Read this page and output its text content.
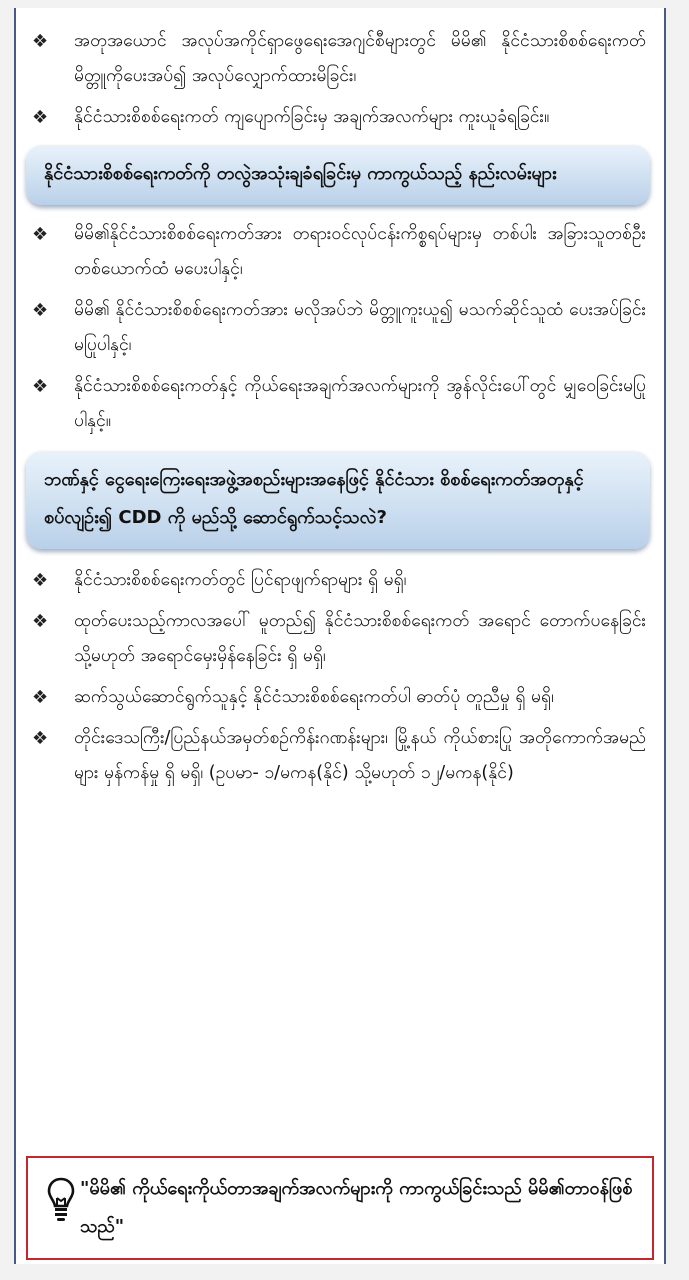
❖	အတုအယောင် အလုပ်အကိုင်ရှာဖွေရေးအေဂျင်စီများတွင် မိမိ၏ နိုင်ငံသားစိစစ်ရေးကတ်မိတ္တူကိုပေးအပ်၍ အလုပ်လျှောက်ထားမိခြင်း၊
❖	နိုင်ငံသားစိစစ်ရေးကတ် ကျပျောက်ခြင်းမှ အချက်အလက်များ ကူးယူခံရခြင်း။
နိုင်ငံသားစိစစ်ရေးကတ်ကို တလွဲအသုံးချခံရခြင်းမှ ကာကွယ်သည့် နည်းလမ်းများ
❖	မိမိ၏နိုင်ငံသားစိစစ်ရေးကတ်အား တရားဝင်လုပ်ငန်းကိစ္စရပ်များမှ တစ်ပါး အခြားသူတစ်ဦးတစ်ယောက်ထံ မပေးပါနှင့်၊
❖	မိမိ၏ နိုင်ငံသားစိစစ်ရေးကတ်အား မလိုအပ်ဘဲ မိတ္တူကူးယူ၍ မသက်ဆိုင်သူထံ ပေးအပ်ခြင်း မပြုပါနှင့်၊
❖	နိုင်ငံသားစိစစ်ရေးကတ်နှင့် ကိုယ်ရေးအချက်အလက်များကို အွန်လိုင်းပေါ်တွင် မျှဝေခြင်းမပြုပါနှင့်။
ဘဏ်နှင့် ငွေရေးကြေးရေးအဖွဲ့အစည်းများအနေဖြင့် နိုင်ငံသား စိစစ်ရေးကတ်အတုနှင့်စပ်လျဉ်း၍ CDD ကို မည်သို့ ဆောင်ရွက်သင့်သလဲ?
❖	နိုင်ငံသားစိစစ်ရေးကတ်တွင် ပြင်ရာဖျက်ရာများ ရှိ မရှိ၊
❖	ထုတ်ပေးသည့်ကာလအပေါ် မူတည်၍ နိုင်ငံသားစိစစ်ရေးကတ် အရောင် တောက်ပနေခြင်း သို့မဟုတ် အရောင်မှေးမှိန်နေခြင်း ရှိ မရှိ၊
❖	ဆက်သွယ်ဆောင်ရွက်သူနှင့် နိုင်ငံသားစိစစ်ရေးကတ်ပါ ဓာတ်ပုံ တူညီမှု ရှိ မရှိ၊
❖	တိုင်းဒေသကြီး/ပြည်နယ်အမှတ်စဉ်ကိန်းဂဏန်းများ၊ မြို့နယ် ကိုယ်စားပြု အတိုကောက်အမည်များ မှန်ကန်မှု ရှိ မရှိ၊ (ဥပမာ- ၁/မကန(နိုင်) သို့မဟုတ် ၁၂/မကန(နိုင်)
"မိမိ၏ ကိုယ်ရေးကိုယ်တာအချက်အလက်များကို ကာကွယ်ခြင်းသည် မိမိ၏တာဝန်ဖြစ်သည်"
